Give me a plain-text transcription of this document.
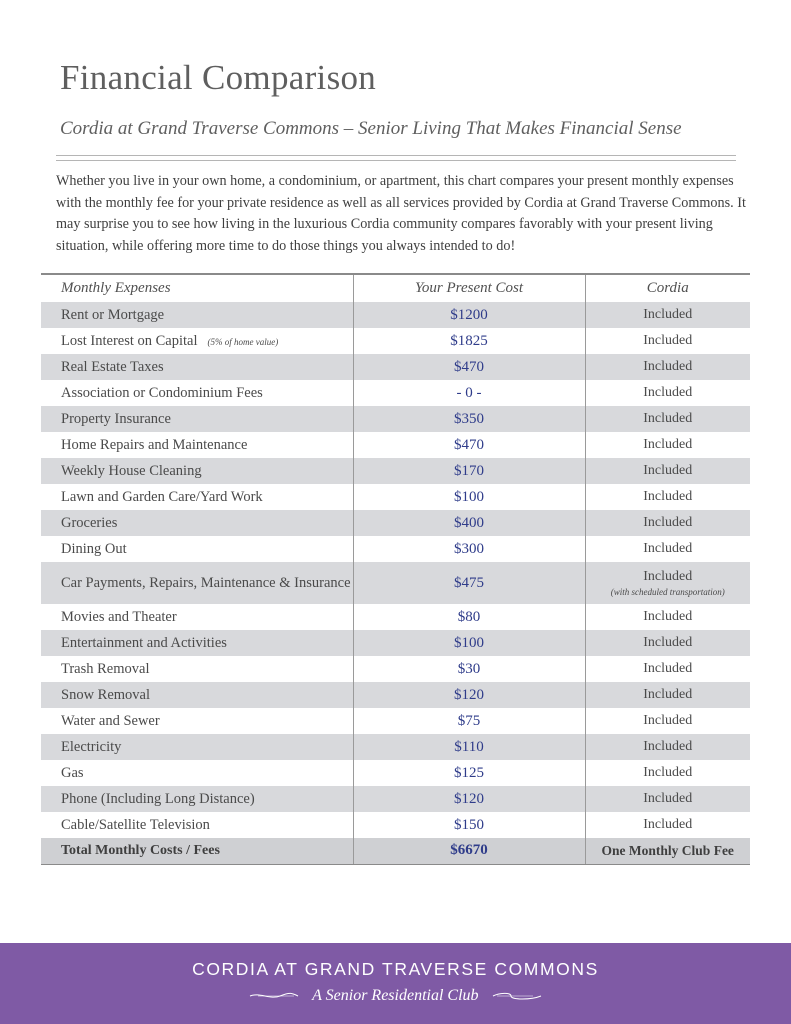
Financial Comparison
Cordia at Grand Traverse Commons – Senior Living That Makes Financial Sense

Whether you live in your own home, a condominium, or apartment, this chart compares your present monthly expenses with the monthly fee for your private residence as well as all services provided by Cordia at Grand Traverse Commons. It may surprise you to see how living in the luxurious Cordia community compares favorably with your present living situation, while offering more time to do those things you always intended to do!

Monthly Expenses	Your Present Cost	Cordia
Rent or Mortgage	$1200	Included
Lost Interest on Capital (5% of home value)	$1825	Included
Real Estate Taxes	$470	Included
Association or Condominium Fees	- 0 -	Included
Property Insurance	$350	Included
Home Repairs and Maintenance	$470	Included
Weekly House Cleaning	$170	Included
Lawn and Garden Care/Yard Work	$100	Included
Groceries	$400	Included
Dining Out	$300	Included
Car Payments, Repairs, Maintenance & Insurance	$475	Included
(with scheduled transportation)

Movies and Theater	$80	Included
Entertainment and Activities	$100	Included
Trash Removal	$30	Included
Snow Removal	$120	Included
Water and Sewer	$75	Included
Electricity	$110	Included
Gas	$125	Included
Phone (Including Long Distance)	$120	Included
Cable/Satellite Television	$150	Included
Total Monthly Costs / Fees	$6670	One Monthly Club Fee
CORDIA AT GRAND TRAVERSE COMMONS
A Senior Residential Club
